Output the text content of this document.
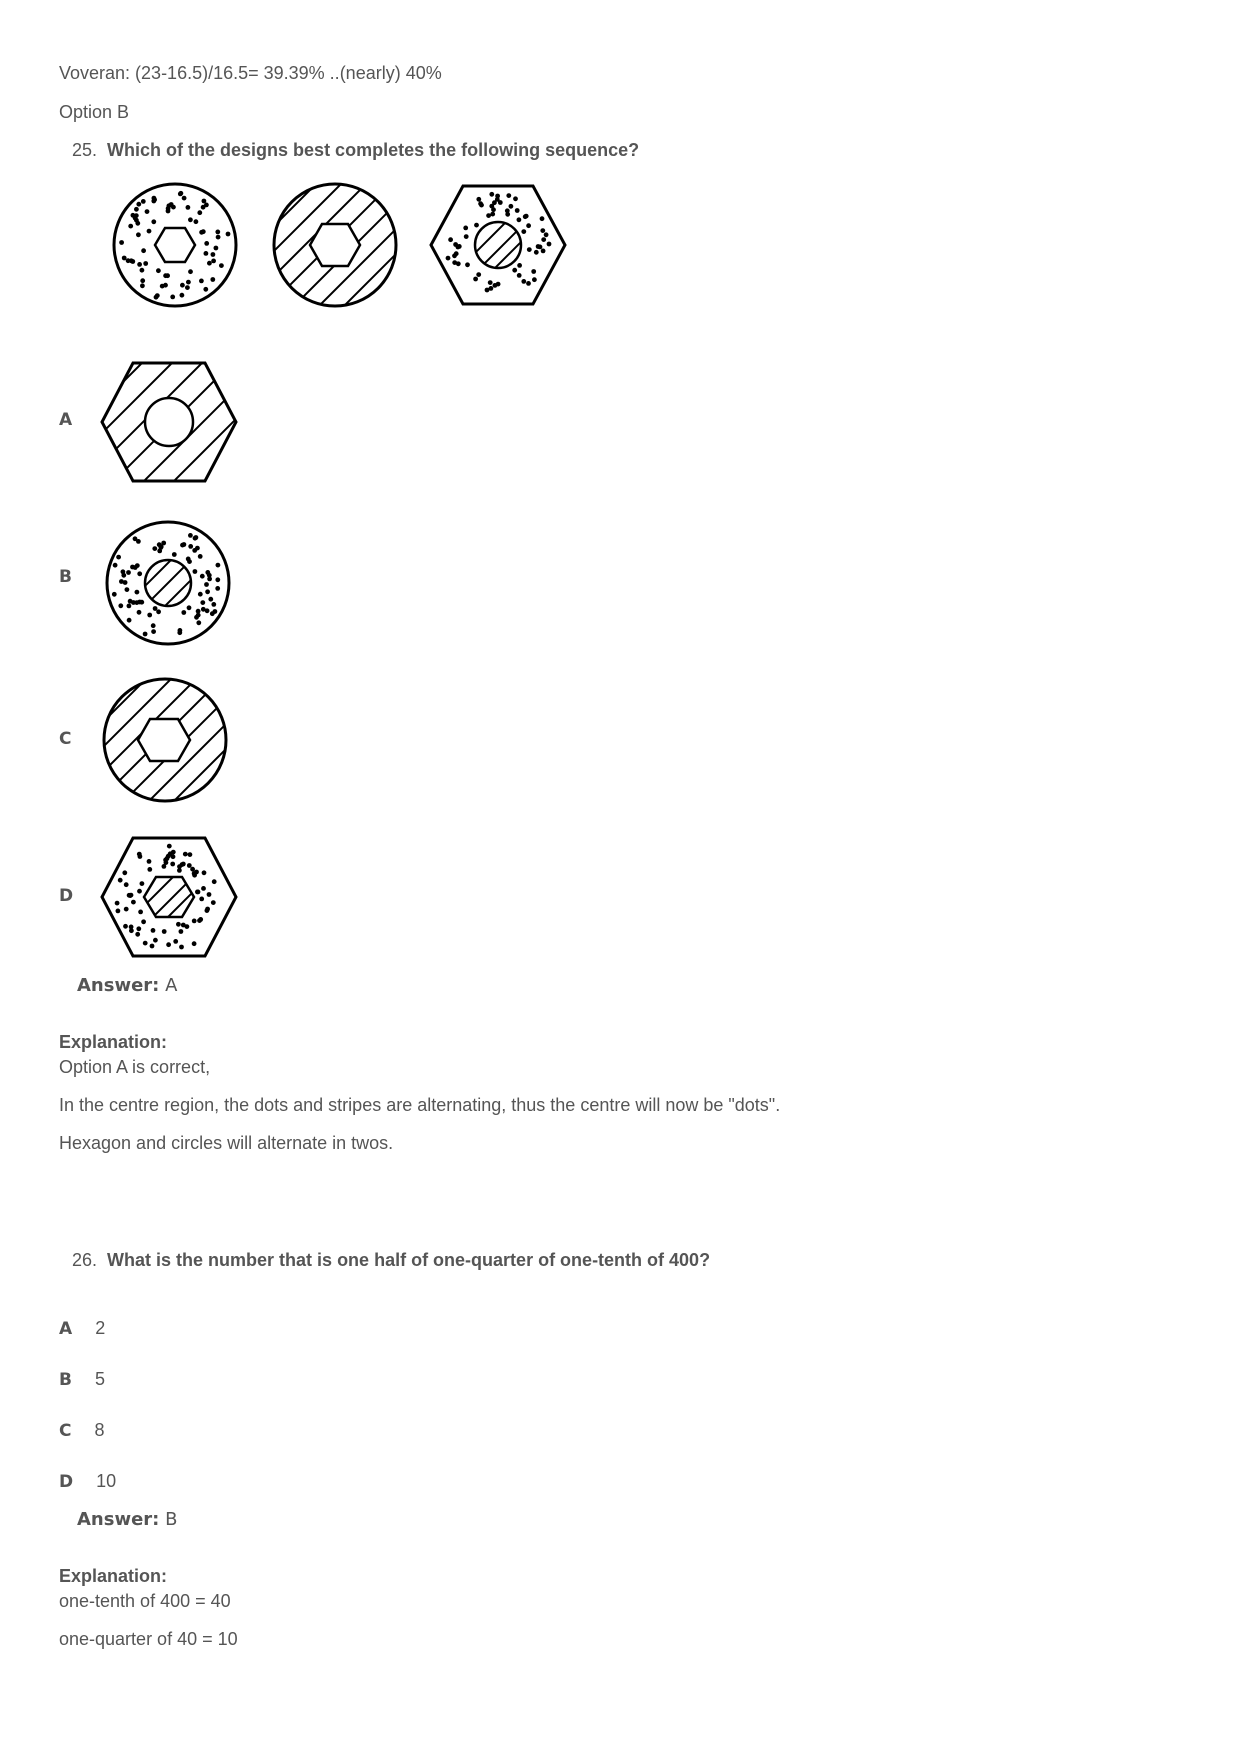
Voveran: (23-16.5)/16.5= 39.39% ..(nearly) 40%
Option B
25. Which of the designs best completes the following sequence?
A
B
C
D
Answer: A
Explanation:
Option A is correct,
In the centre region, the dots and stripes are alternating, thus the centre will now be "dots".
Hexagon and circles will alternate in twos.
26. What is the number that is one half of one-quarter of one-tenth of 400?
A 2
B 5
C 8
D 10
Answer: B
Explanation:
one-tenth of 400 = 40
one-quarter of 40 = 10
